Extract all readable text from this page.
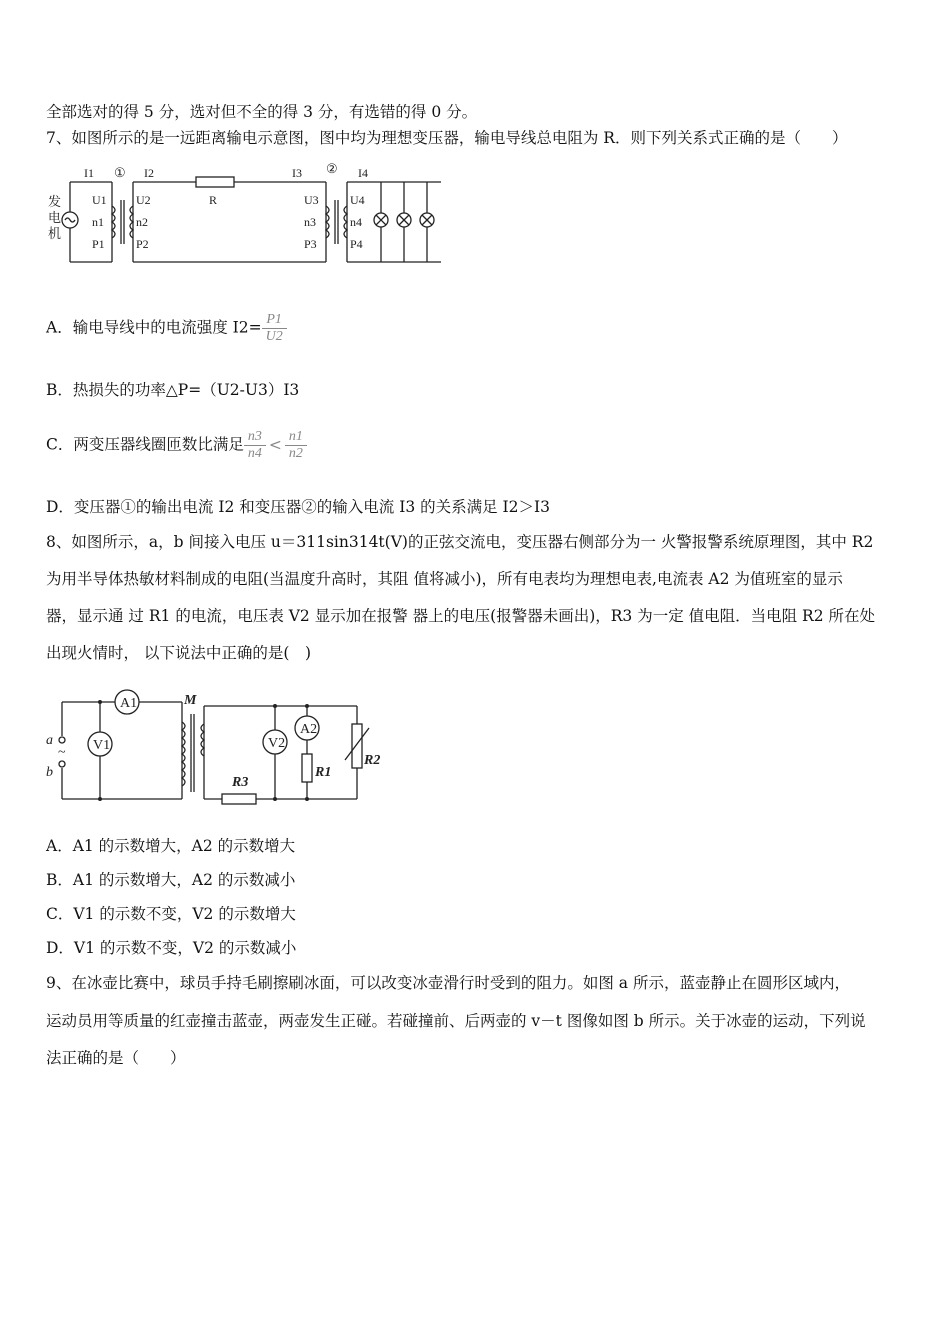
全部选对的得 5 分，选对但不全的得 3 分，有选错的得 0 分。
7、如图所示的是一远距离输电示意图，图中均为理想变压器，输电导线总电阻为 R．则下列关系式正确的是（　　）
发
电
机
I1 ① I2
R
I3 ② I4
U1
n1
P1
U2
n2
P2
U3
n3
P3
U4
n4
P4
A．输电导线中的电流强度 $I2= \frac{P1}{U2}$
B．热损失的功率△P=（U2-U3）I3
C．两变压器线圈匝数比满足 $\frac{n3}{n4} < \frac{n1}{n2}$
D．变压器①的输出电流 I2 和变压器②的输入电流 I3 的关系满足 I2＞I3
8、如图所示，a，b 间接入电压 u＝311sin314t(V)的正弦交流电，变压器右侧部分为一 火警报警系统原理图，其中 R2
为用半导体热敏材料制成的电阻(当温度升高时，其阻 值将减小)，所有电表均为理想电表,电流表 A2 为值班室的显示
器，显示通 过 R1 的电流，电压表 V2 显示加在报警 器上的电压(报警器未画出)，R3 为一定 值电阻．当电阻 R2 所在处
出现火情时， 以下说法中正确的是(　)
a
~
b
A1
V1
M
V2
A2
R1
R2
R3
A．A1 的示数增大，A2 的示数增大
B．A1 的示数增大，A2 的示数减小
C．V1 的示数不变，V2 的示数增大
D．V1 的示数不变，V2 的示数减小
9、在冰壶比赛中，球员手持毛刷擦刷冰面，可以改变冰壶滑行时受到的阻力。如图 a 所示，蓝壶静止在圆形区域内，
运动员用等质量的红壶撞击蓝壶，两壶发生正碰。若碰撞前、后两壶的 v－t 图像如图 b 所示。关于冰壶的运动，下列说
法正确的是（　　）
